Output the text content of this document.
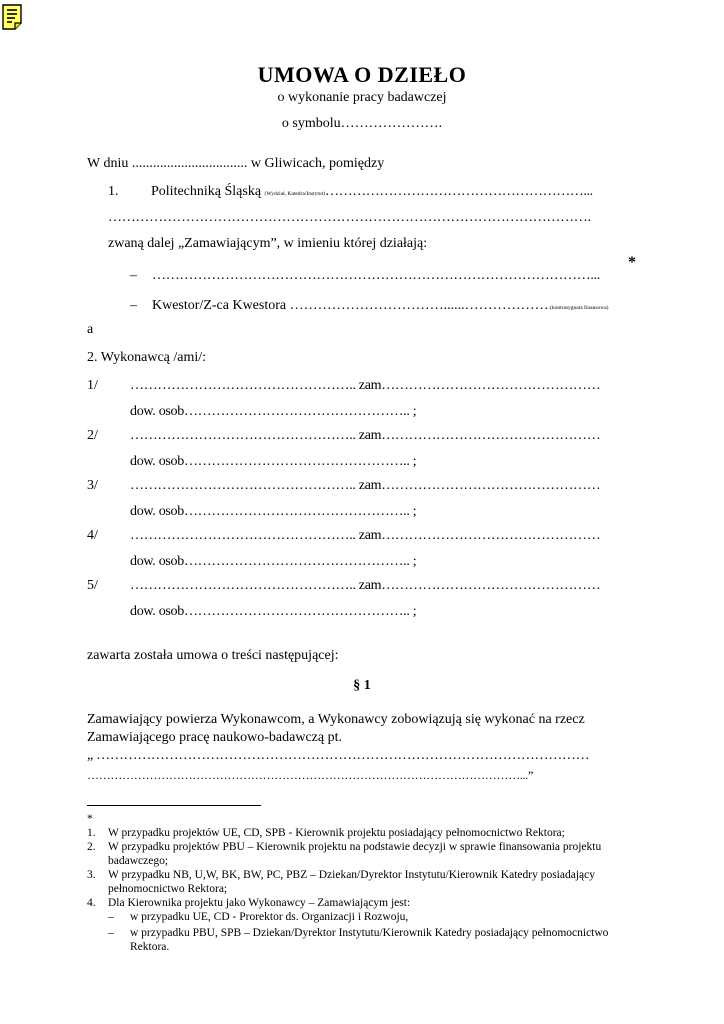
UMOWA O DZIEŁO
o wykonanie pracy badawczej
o symbolu………………….
W dniu ................................. w Gliwicach, pomiędzy
1. Politechniką Śląską (Wydział, Katedra/Instytut)…………………………………………………...
…………………………………………………………………………………………….
zwaną dalej „Zamawiającym”, w imieniu której działają:
*
– ……………………………………………………………………………………...
– Kwestor/Z-ca Kwestora ……………………………......……………….(kontrasygnata finansowa)
a
2. Wykonawcą /ami/:
1/ ………………………………………….. zam…………………………………………
dow. osob………………………………………….. ;
2/ ………………………………………….. zam…………………………………………
dow. osob………………………………………….. ;
3/ ………………………………………….. zam…………………………………………
dow. osob………………………………………….. ;
4/ ………………………………………….. zam…………………………………………
dow. osob………………………………………….. ;
5/ ………………………………………….. zam…………………………………………
dow. osob………………………………………….. ;
zawarta została umowa o treści następującej:
§ 1
Zamawiający powierza Wykonawcom, a Wykonawcy zobowiązują się wykonać na rzecz
Zamawiającego pracę naukowo-badawczą pt.
„ ………………………………………………………………………………………………
…………………………………………………………………………………………………...”
*
1. W przypadku projektów UE, CD, SPB - Kierownik projektu posiadający pełnomocnictwo Rektora;
2. W przypadku projektów PBU – Kierownik projektu na podstawie decyzji w sprawie finansowania projektu
badawczego;
3. W przypadku NB, U,W, BK, BW, PC, PBZ – Dziekan/Dyrektor Instytutu/Kierownik Katedry posiadający
pełnomocnictwo Rektora;
4. Dla Kierownika projektu jako Wykonawcy – Zamawiającym jest:
– w przypadku UE, CD - Prorektor ds. Organizacji i Rozwoju,
– w przypadku PBU, SPB – Dziekan/Dyrektor Instytutu/Kierownik Katedry posiadający pełnomocnictwo
Rektora.
